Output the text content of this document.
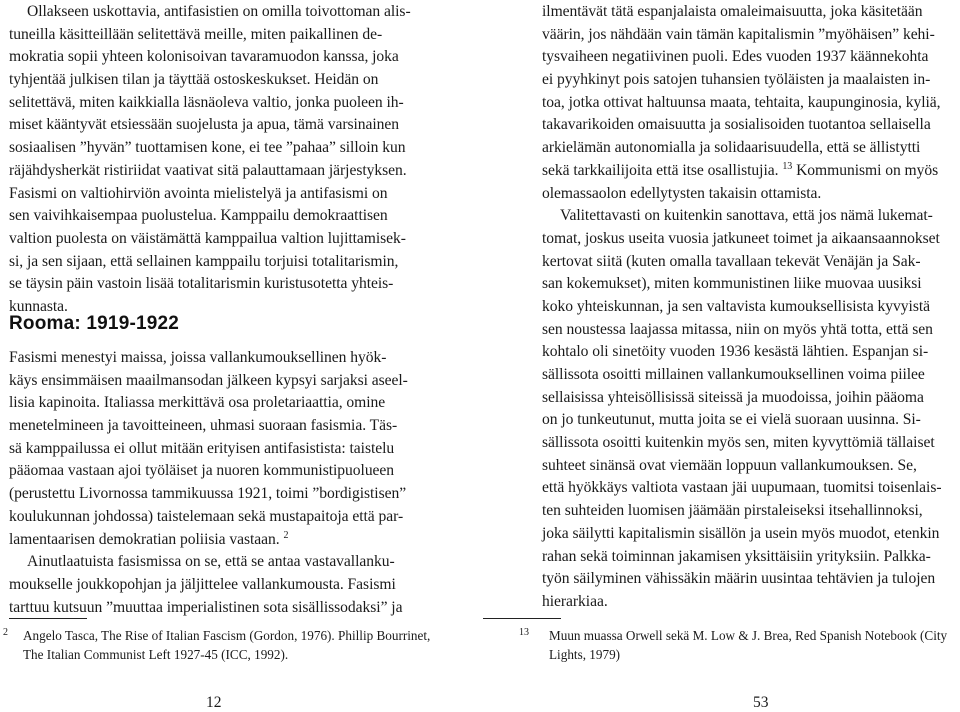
Ollakseen uskottavia, antifasistien on omilla toivottoman alis-
tuneilla käsitteillään selitettävä meille, miten paikallinen de-
mokratia sopii yhteen kolonisoivan tavaramuodon kanssa, joka
tyhjentää julkisen tilan ja täyttää ostoskeskukset. Heidän on
selitettävä, miten kaikkialla läsnäoleva valtio, jonka puoleen ih-
miset kääntyvät etsiessään suojelusta ja apua, tämä varsinainen
sosiaalisen ”hyvän” tuottamisen kone, ei tee ”pahaa” silloin kun
räjähdysherkät ristiriidat vaativat sitä palauttamaan järjestyksen.
Fasismi on valtiohirviön avointa mielistelyä ja antifasismi on
sen vaivihkaisempaa puolustelua. Kamppailu demokraattisen
valtion puolesta on väistämättä kamppailua valtion lujittamisek-
si, ja sen sijaan, että sellainen kamppailu torjuisi totalitarismin,
se täysin päin vastoin lisää totalitarismin kuristusotetta yhteis-
kunnasta.
Rooma: 1919-1922
Fasismi menestyi maissa, joissa vallankumouksellinen hyök-
käys ensimmäisen maailmansodan jälkeen kypsyi sarjaksi aseel-
lisia kapinoita. Italiassa merkittävä osa proletariaattia, omine
menetelmineen ja tavoitteineen, uhmasi suoraan fasismia. Täs-
sä kamppailussa ei ollut mitään erityisen antifasistista: taistelu
pääomaa vastaan ajoi työläiset ja nuoren kommunistipuolueen
(perustettu Livornossa tammikuussa 1921, toimi ”bordigistisen”
koulukunnan johdossa) taistelemaan sekä mustapaitoja että par-
lamentaarisen demokratian poliisia vastaan. $^2$
Ainutlaatuista fasismissa on se, että se antaa vastavallanku-
moukselle joukkopohjan ja jäljittelee vallankumousta. Fasismi
tarttuu kutsuun ”muuttaa imperialistinen sota sisällissodaksi” ja
2 Angelo Tasca, The Rise of Italian Fascism (Gordon, 1976). Phillip Bourrinet,
The Italian Communist Left 1927-45 (ICC, 1992).
12
ilmentävät tätä espanjalaista omaleimaisuutta, joka käsitetään
väärin, jos nähdään vain tämän kapitalismin ”myöhäisen” kehi-
tysvaiheen negatiivinen puoli. Edes vuoden 1937 käännekohta
ei pyyhkinyt pois satojen tuhansien työläisten ja maalaisten in-
toa, jotka ottivat haltuunsa maata, tehtaita, kaupunginosia, kyliä,
takavarikoiden omaisuutta ja sosialisoiden tuotantoa sellaisella
arkielämän autonomialla ja solidaarisuudella, että se ällistytti
sekä tarkkailijoita että itse osallistujia. $^{13}$ Kommunismi on myös
olemassaolon edellytysten takaisin ottamista.
Valitettavasti on kuitenkin sanottava, että jos nämä lukemat-
tomat, joskus useita vuosia jatkuneet toimet ja aikaansaannokset
kertovat siitä (kuten omalla tavallaan tekevät Venäjän ja Sak-
san kokemukset), miten kommunistinen liike muovaa uusiksi
koko yhteiskunnan, ja sen valtavista kumouksellisista kyvyistä
sen noustessa laajassa mitassa, niin on myös yhtä totta, että sen
kohtalo oli sinetöity vuoden 1936 kesästä lähtien. Espanjan si-
sällissota osoitti millainen vallankumouksellinen voima piilee
sellaisissa yhteisöllisissä siteissä ja muodoissa, joihin pääoma
on jo tunkeutunut, mutta joita se ei vielä suoraan uusinna. Si-
sällissota osoitti kuitenkin myös sen, miten kyvyttömiä tällaiset
suhteet sinänsä ovat viemään loppuun vallankumouksen. Se,
että hyökkäys valtiota vastaan jäi uupumaan, tuomitsi toisenlais-
ten suhteiden luomisen jäämään pirstaleiseksi itsehallinnoksi,
joka säilytti kapitalismin sisällön ja usein myös muodot, etenkin
rahan sekä toiminnan jakamisen yksittäisiin yrityksiin. Palkka-
työn säilyminen vähissäkin määrin uusintaa tehtävien ja tulojen
hierarkiaa.
13 Muun muassa Orwell sekä M. Low & J. Brea, Red Spanish Notebook (City
Lights, 1979)
53
